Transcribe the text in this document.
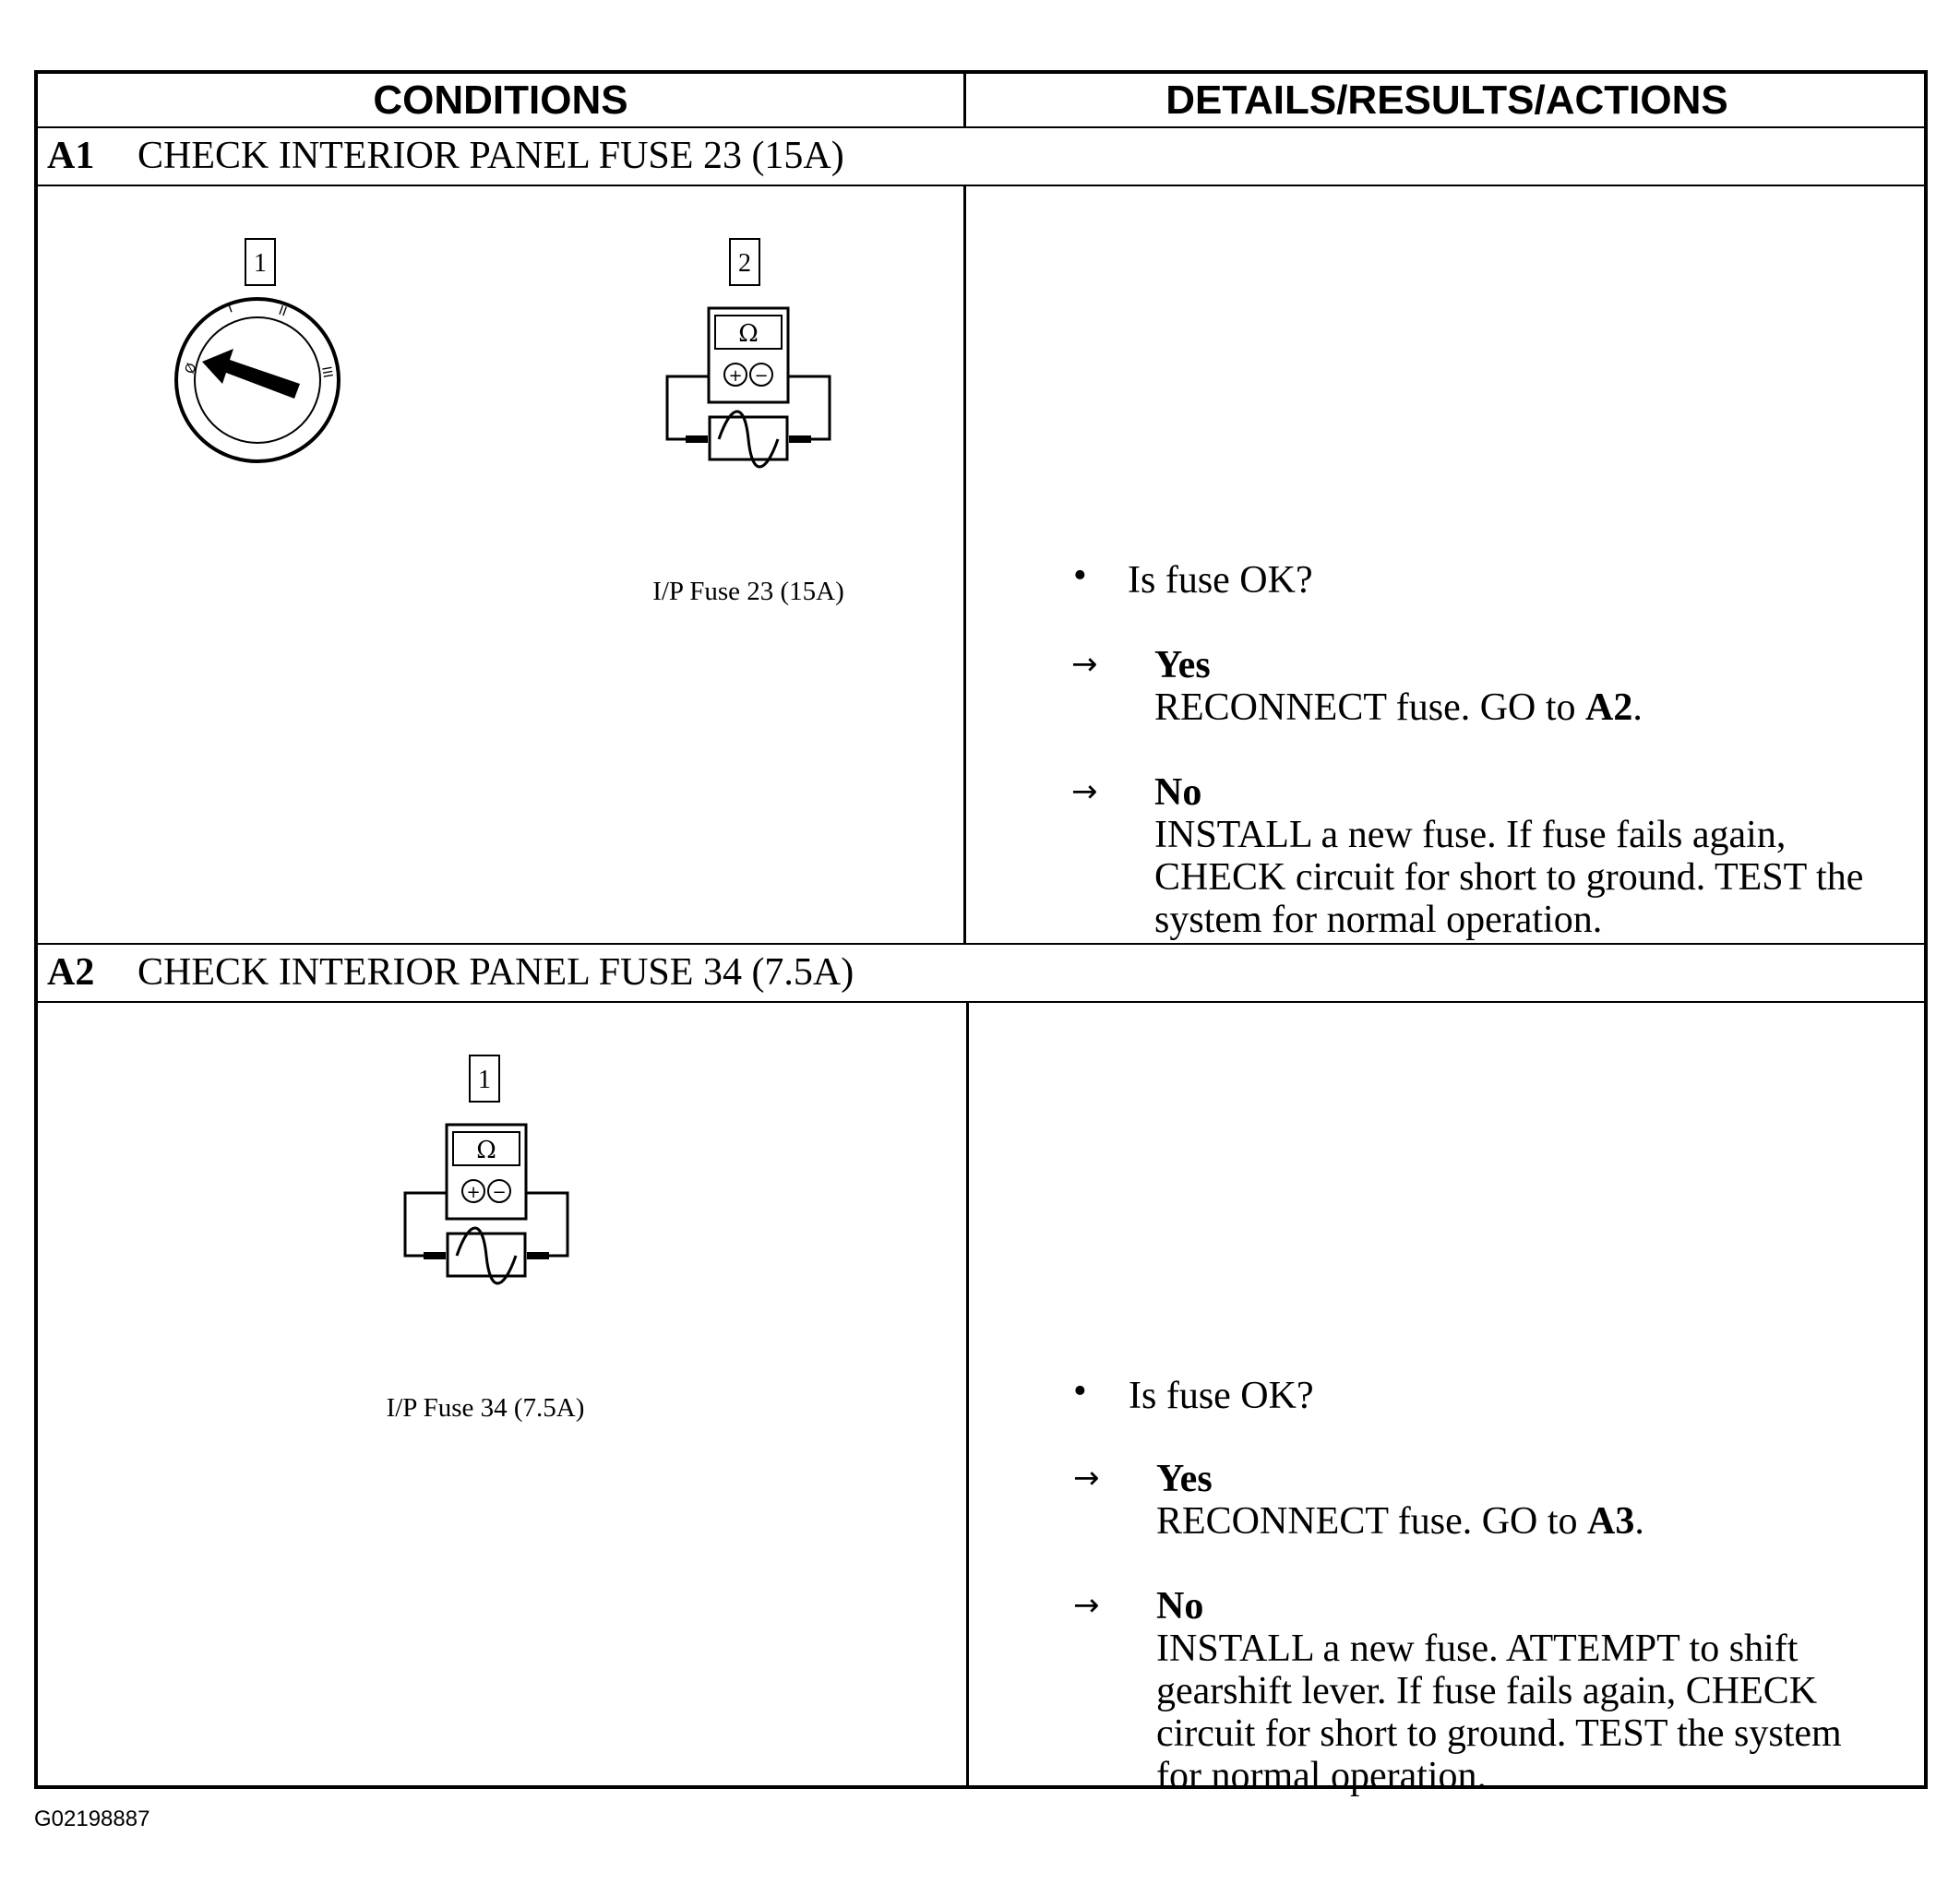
CONDITIONS	DETAILS/RESULTS/ACTIONS
A1 CHECK INTERIOR PANEL FUSE 23 (15A)
1
Ø
I	II
III
2
Ω
+ −
I/P Fuse 23 (15A)	• Is fuse OK?
→ Yes
RECONNECT fuse. GO to A2.
→ No
INSTALL a new fuse. If fuse fails again,
CHECK circuit for short to ground. TEST the
system for normal operation.
A2 CHECK INTERIOR PANEL FUSE 34 (7.5A)
1
Ω
+ −
I/P Fuse 34 (7.5A)	• Is fuse OK?
→ Yes
RECONNECT fuse. GO to A3.
→ No
INSTALL a new fuse. ATTEMPT to shift
gearshift lever. If fuse fails again, CHECK
circuit for short to ground. TEST the system
for normal operation.
G02198887
